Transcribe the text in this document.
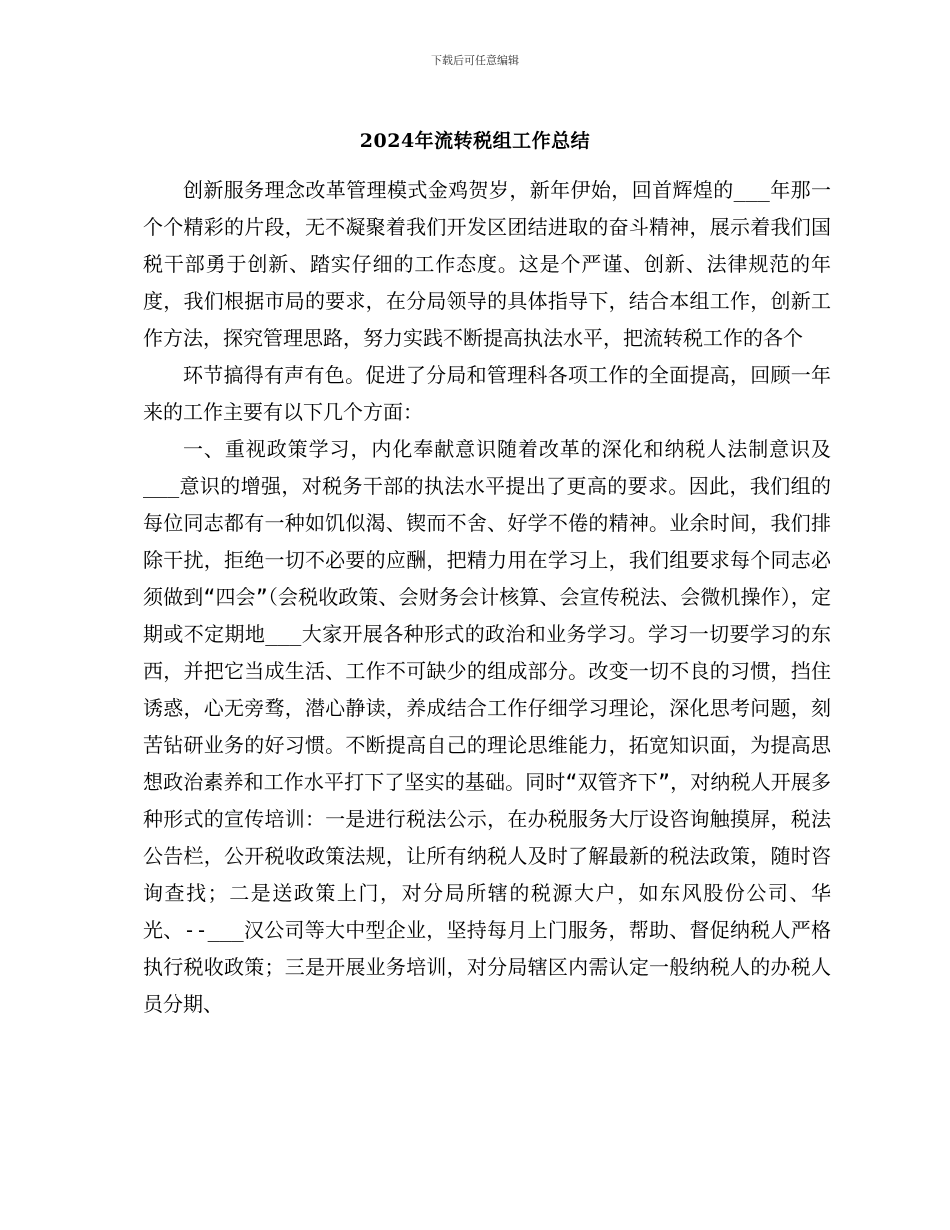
下载后可任意编辑
2024年流转税组工作总结

创新服务理念改革管理模式金鸡贺岁，新年伊始，回首辉煌的___年那一个个精彩的片段，无不凝聚着我们开发区团结进取的奋斗精神，展示着我们国税干部勇于创新、踏实仔细的工作态度。这是个严谨、创新、法律规范的年度，我们根据市局的要求，在分局领导的具体指导下，结合本组工作，创新工作方法，探究管理思路，努力实践不断提高执法水平，把流转税工作的各个

环节搞得有声有色。促进了分局和管理科各项工作的全面提高，回顾一年来的工作主要有以下几个方面：

一、重视政策学习，内化奉献意识随着改革的深化和纳税人法制意识及___意识的增强，对税务干部的执法水平提出了更高的要求。因此，我们组的每位同志都有一种如饥似渴、锲而不舍、好学不倦的精神。业余时间，我们排除干扰，拒绝一切不必要的应酬，把精力用在学习上，我们组要求每个同志必须做到“四会”（会税收政策、会财务会计核算、会宣传税法、会微机操作），定期或不定期地___大家开展各种形式的政治和业务学习。学习一切要学习的东西，并把它当成生活、工作不可缺少的组成部分。改变一切不良的习惯，挡住诱惑，心无旁骛，潜心静读，养成结合工作仔细学习理论，深化思考问题，刻苦钻研业务的好习惯。不断提高自己的理论思维能力，拓宽知识面，为提高思想政治素养和工作水平打下了坚实的基础。同时“双管齐下”，对纳税人开展多种形式的宣传培训：一是进行税法公示，在办税服务大厅设咨询触摸屏，税法公告栏，公开税收政策法规，让所有纳税人及时了解最新的税法政策，随时咨询查找；二是送政策上门，对分局所辖的税源大户，如东风股份公司、华光、--___汉公司等大中型企业，坚持每月上门服务，帮助、督促纳税人严格执行税收政策；三是开展业务培训，对分局辖区内需认定一般纳税人的办税人员分期、
